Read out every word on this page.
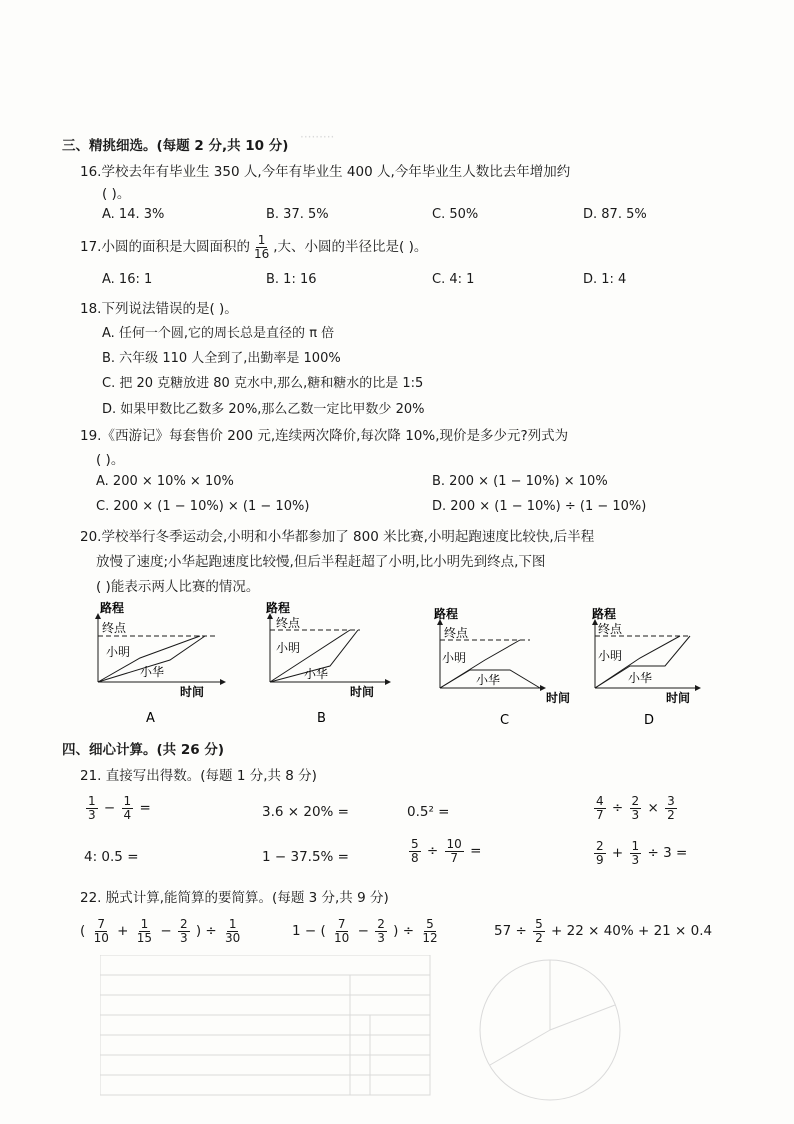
·········
三、精挑细选。(每题 2 分,共 10 分)
16.学校去年有毕业生 350 人,今年有毕业生 400 人,今年毕业生人数比去年增加约
( )。
A. 14. 3%	B. 37. 5%	C. 50%	D. 87. 5%
17.小圆的面积是大圆面积的 $\frac{1}{16}$ ,大、小圆的半径比是( )。
A. 16: 1	B. 1: 16	C. 4: 1	D. 1: 4
18.下列说法错误的是( )。
A. 任何一个圆,它的周长总是直径的 π 倍
B. 六年级 110 人全到了,出勤率是 100%
C. 把 20 克糖放进 80 克水中,那么,糖和糖水的比是 1:5
D. 如果甲数比乙数多 20%,那么乙数一定比甲数少 20%
19.《西游记》每套售价 200 元,连续两次降价,每次降 10%,现价是多少元?列式为
( )。
A. 200 × 10% × 10%	B. 200 × (1 − 10%) × 10%
C. 200 × (1 − 10%) × (1 − 10%)	D. 200 × (1 − 10%) ÷ (1 − 10%)
20.学校举行冬季运动会,小明和小华都参加了 800 米比赛,小明起跑速度比较快,后半程
放慢了速度;小华起跑速度比较慢,但后半程赶超了小明,比小明先到终点,下图
( )能表示两人比赛的情况。
路程
终点
小明
小华
时间
A
路程
终点
小明
小华
时间
B
路程
终点
小明
小华
时间
C
路程
终点
小明
小华
时间
D
四、细心计算。(共 26 分)
21. 直接写出得数。(每题 1 分,共 8 分)
$\frac{1}{3} - \frac{1}{4}$ =	3.6 × 20% =	0.5² =	$\frac{4}{7} \div \frac{2}{3} \times \frac{3}{2}$
4: 0.5 =	1 − 37.5% =	$\frac{5}{8} \div \frac{10}{7}$ =	$\frac{2}{9} + \frac{1}{3} \div 3$ =
22. 脱式计算,能简算的要简算。(每题 3 分,共 9 分)
( $\frac{7}{10} + \frac{1}{15} - \frac{2}{3}$ ) ÷ $\frac{1}{30}$	1 − ( $\frac{7}{10} - \frac{2}{3}$ ) ÷ $\frac{5}{12}$	$57 \div \frac{5}{2} + 22 \times 40\% + 21 \times 0.4$
